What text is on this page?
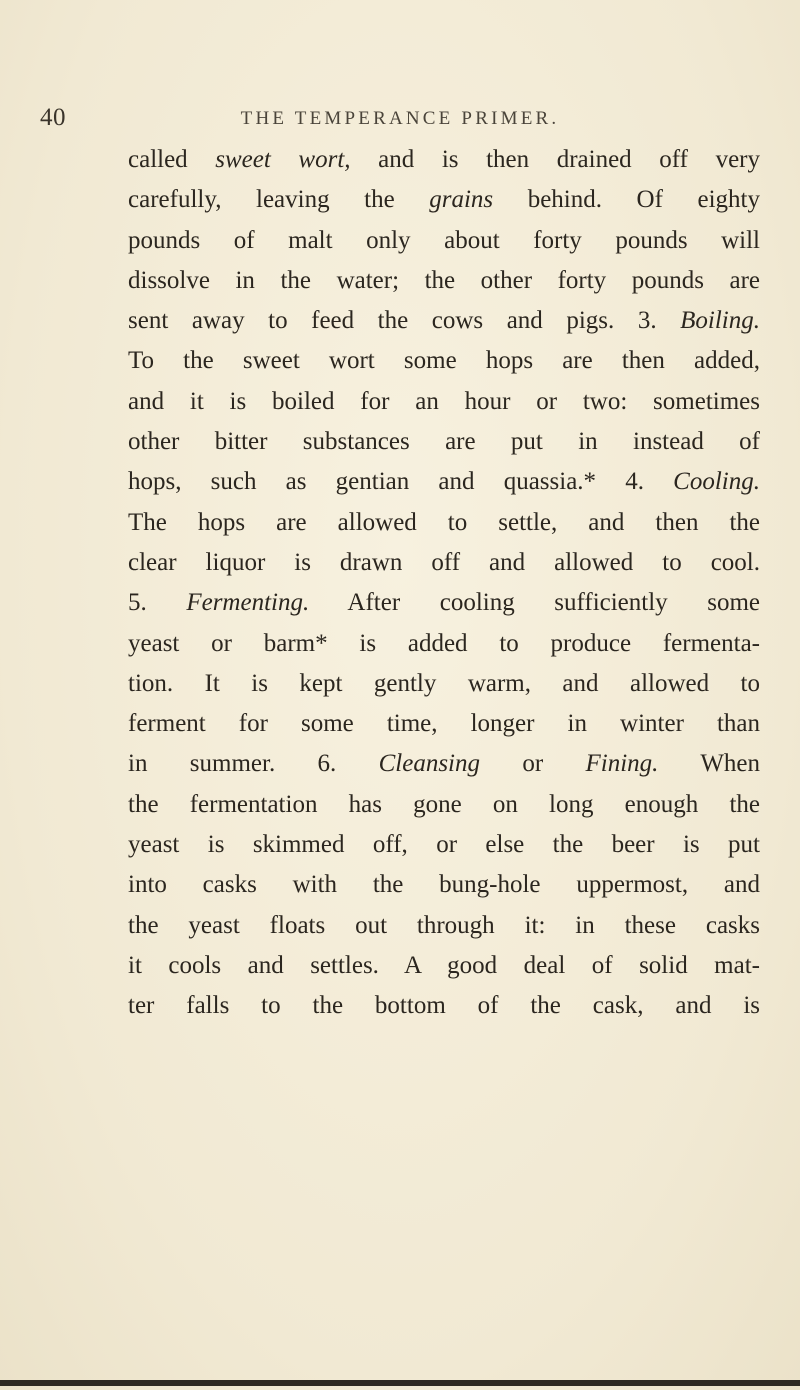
40	THE TEMPERANCE PRIMER.
called sweet wort, and is then drained off very
carefully, leaving the grains behind. Of eighty
pounds of malt only about forty pounds will
dissolve in the water; the other forty pounds are
sent away to feed the cows and pigs. 3. Boiling.
To the sweet wort some hops are then added,
and it is boiled for an hour or two: sometimes
other bitter substances are put in instead of
hops, such as gentian and quassia.* 4. Cooling.
The hops are allowed to settle, and then the
clear liquor is drawn off and allowed to cool.
5. Fermenting. After cooling sufficiently some
yeast or barm* is added to produce fermenta-
tion. It is kept gently warm, and allowed to
ferment for some time, longer in winter than
in summer. 6. Cleansing or Fining. When
the fermentation has gone on long enough the
yeast is skimmed off, or else the beer is put
into casks with the bung-hole uppermost, and
the yeast floats out through it: in these casks
it cools and settles. A good deal of solid mat-
ter falls to the bottom of the cask, and is
